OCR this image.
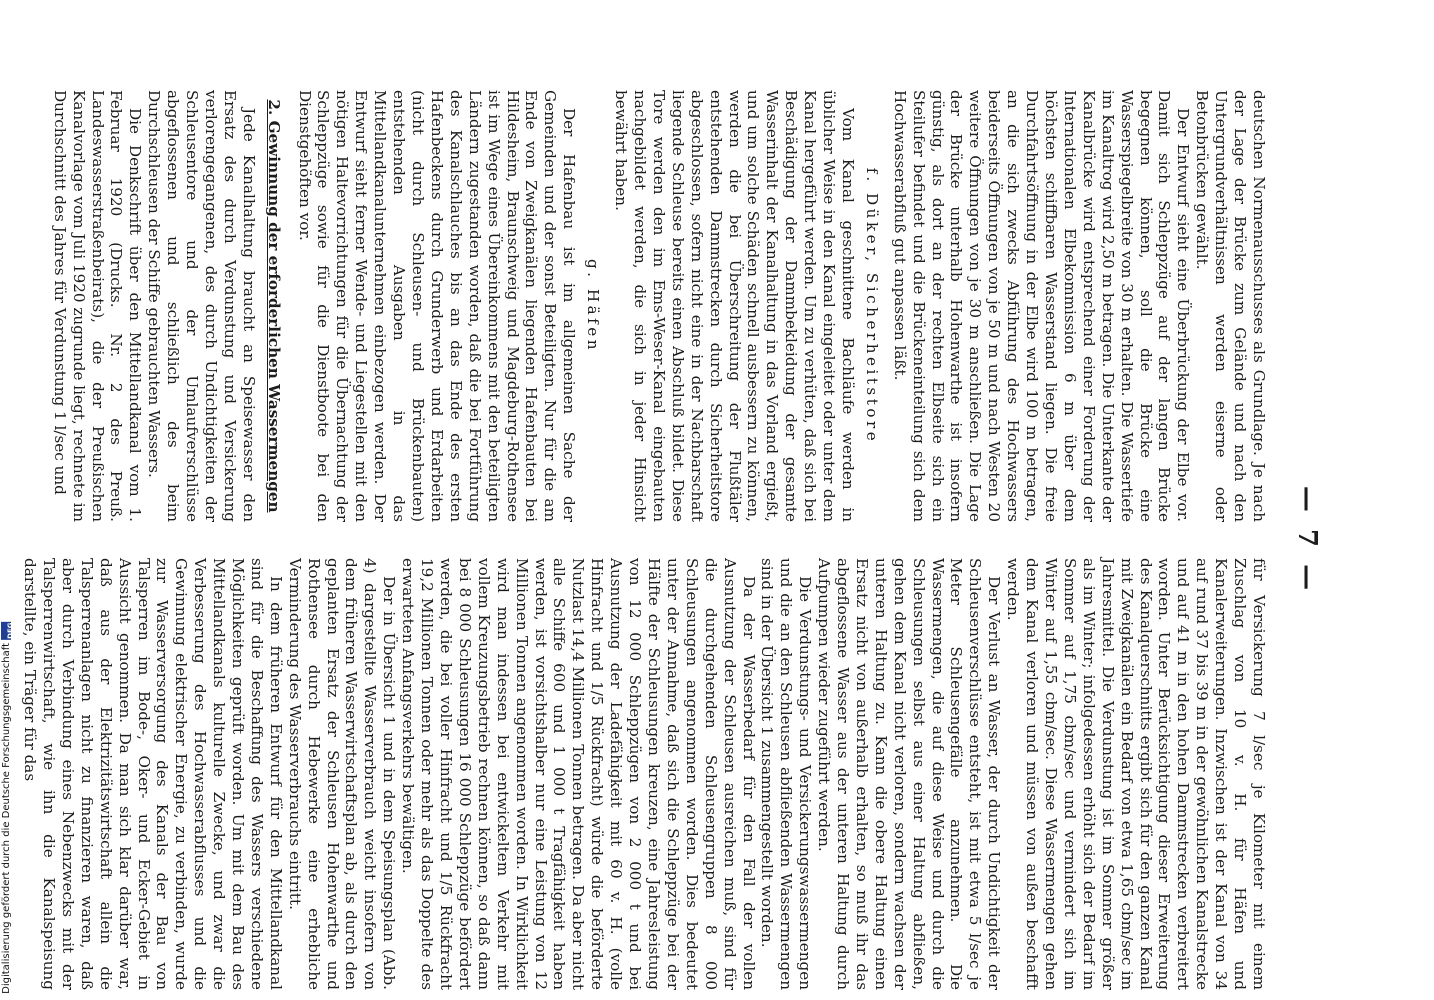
— 7 —

deutschen Normenausschusses als Grundlage. Je nach der Lage der Brücke zum Gelände und nach den Untergrundverhältnissen werden eiserne oder Betonbrücken gewählt.

Der Entwurf sieht eine Überbrückung der Elbe vor. Damit sich Schleppzüge auf der langen Brücke begegnen können, soll die Brücke eine Wasserspiegelbreite von 30 m erhalten. Die Wassertiefe im Kanaltrog wird 2,50 m betragen. Die Unterkante der Kanalbrücke wird entsprechend einer Forderung der Internationalen Elbekommission 6 m über dem höchsten schiffbaren Wasserstand liegen. Die freie Durchfahrtsöffnung in der Elbe wird 100 m betragen, an die sich zwecks Abführung des Hochwassers beiderseits Öffnungen von je 50 m und nach Westen 20 weitere Öffnungen von je 30 m anschließen. Die Lage der Brücke unterhalb Hohenwarthe ist insofern günstig, als dort an der rechten Elbseite sich ein Steilufer befindet und die Brückeneinteilung sich dem Hochwasserabfluß gut anpassen läßt.

f. Düker, Sicherheitstore

Vom Kanal geschnittene Bachläufe werden in üblicher Weise in den Kanal eingeleitet oder unter dem Kanal hergeführt werden. Um zu verhüten, daß sich bei Beschädigung der Dammbekleidung der gesamte Wasserinhalt der Kanalhaltung in das Vorland ergießt, und um solche Schäden schnell ausbessern zu können, werden die bei Überschreitung der Flußtäler entstehenden Dammstrecken durch Sicherheitstore abgeschlossen, sofern nicht eine in der Nachbarschaft liegende Schleuse bereits einen Abschluß bildet. Diese Tore werden den im Ems-Weser-Kanal eingebauten nachgebildet werden, die sich in jeder Hinsicht bewährt haben.

g. Häfen

Der Hafenbau ist im allgemeinen Sache der Gemeinden und der sonst Beteiligten. Nur für die am Ende von Zweigkanälen liegenden Hafenbauten bei Hildesheim, Braunschweig und Magdeburg-Rothensee ist im Wege eines Übereinkommens mit den beteiligten Ländern zugestanden worden, daß die bei Fortführung des Kanalschlauches bis an das Ende des ersten Hafenbeckens durch Grunderwerb und Erdarbeiten (nicht durch Schleusen- und Brückenbauten) entstehenden Ausgaben in das Mittellandkanalunternehmen einbezogen werden. Der Entwurf sieht ferner Wende- und Liegestellen mit den nötigen Haltevorrichtungen für die Übernachtung der Schleppzüge sowie für die Dienstboote bei den Dienstgehöften vor.

2. Gewinnung der erforderlichen Wassermengen

Jede Kanalhaltung braucht an Speisewasser den Ersatz des durch Verdunstung und Versickerung verlorengegangenen, des durch Undichtigkeiten der Schleusentore und der Umlaufverschlüsse abgeflossenen und schließlich des beim Durchschleusen der Schiffe gebrauchten Wassers.

Die Denkschrift über den Mittellandkanal vom 1. Februar 1920 (Drucks. Nr. 2 des Preuß. Landeswasserstraßenbeirats), die der Preußischen Kanalvorlage vom Juli 1920 zugrunde liegt, rechnete im Durchschnitt des Jahres für Verdunstung 1 l/sec und

für Versickerung 7 l/sec je Kilometer mit einem Zuschlag von 10 v. H. für Häfen und Kanalerweiterungen. Inzwischen ist der Kanal von 34 auf rund 37 bis 39 m in der gewöhnlichen Kanalstrecke und auf 41 m in den hohen Dammstrecken verbreitert worden. Unter Berücksichtigung dieser Erweiterung des Kanalquerschnitts ergibt sich für den ganzen Kanal mit Zweigkanälen ein Bedarf von etwa 1,65 cbm/sec im Jahresmittel. Die Verdunstung ist im Sommer größer als im Winter; infolgedessen erhöht sich der Bedarf im Sommer auf 1,75 cbm/sec und vermindert sich im Winter auf 1,55 cbm/sec. Diese Wassermengen gehen dem Kanal verloren und müssen von außen beschafft werden.

Der Verlust an Wasser, der durch Undichtigkeit der Schleusenverschlüsse entsteht, ist mit etwa 5 l/sec je Meter Schleusengefälle anzunehmen. Die Wassermengen, die auf diese Weise und durch die Schleusungen selbst aus einer Haltung abfließen, gehen dem Kanal nicht verloren, sondern wachsen der unteren Haltung zu. Kann die obere Haltung einen Ersatz nicht von außerhalb erhalten, so muß ihr das abgeflossene Wasser aus der unteren Haltung durch Aufpumpen wieder zugeführt werden.

Die Verdunstungs- und Versickerungswassermengen und die an den Schleusen abfließenden Wassermengen sind in der Übersicht 1 zusammengestellt worden.

Da der Wasserbedarf für den Fall der vollen Ausnutzung der Schleusen ausreichen muß, sind für die durchgehenden Schleusengruppen 8 000 Schleusungen angenommen worden. Dies bedeutet unter der Annahme, daß sich die Schleppzüge bei der Hälfte der Schleusungen kreuzen, eine Jahresleistung von 12 000 Schleppzügen von 2 000 t und bei Ausnutzung der Ladefähigkeit mit 60 v. H. (volle Hinfracht und 1/5 Rückfracht) würde die beförderte Nutzlast 14,4 Millionen Tonnen betragen. Da aber nicht alle Schiffe 600 und 1 000 t Tragfähigkeit haben werden, ist vorsichtshalber nur eine Leistung von 12 Millionen Tonnen angenommen worden. In Wirklichkeit wird man indessen bei entwickeltem Verkehr mit vollem Kreuzungsbetrieb rechnen können, so daß dann bei 8 000 Schleusungen 16 000 Schleppzüge befördert werden, die bei voller Hinfracht und 1/5 Rückfracht 19,2 Millionen Tonnen oder mehr als das Doppelte des erwarteten Anfangsverkehrs bewältigen.

Der in Übersicht 1 und in dem Speisungsplan (Abb. 4) dargestellte Wasserverbrauch weicht insofern von dem früheren Wasserwirtschaftsplan ab, als durch den geplanten Ersatz der Schleusen Hohenwarthe und Rothensee durch Hebewerke eine erhebliche Verminderung des Wasserverbrauchs eintritt.

In dem früheren Entwurf für den Mittellandkanal sind für die Beschaffung des Wassers verschiedene Möglichkeiten geprüft worden. Um mit dem Bau des Mittellandkanals kulturelle Zwecke, und zwar die Verbesserung des Hochwasserabflusses und die Gewinnung elektrischer Energie, zu verbinden, wurde zur Wasserversorgung des Kanals der Bau von Talsperren im Bode-, Oker- und Ecker-Gebiet in Aussicht genommen. Da man sich klar darüber war, daß aus der Elektrizitätswirtschaft allein die Talsperrenanlagen nicht zu finanzieren waren, daß aber durch Verbindung eines Nebenzwecks mit der Talsperrenwirtschaft, wie ihn die Kanalspeisung darstellte, ein Träger für das

Digitalisierung gefördert durch die Deutsche Forschungsgemeinschaft
DFG
